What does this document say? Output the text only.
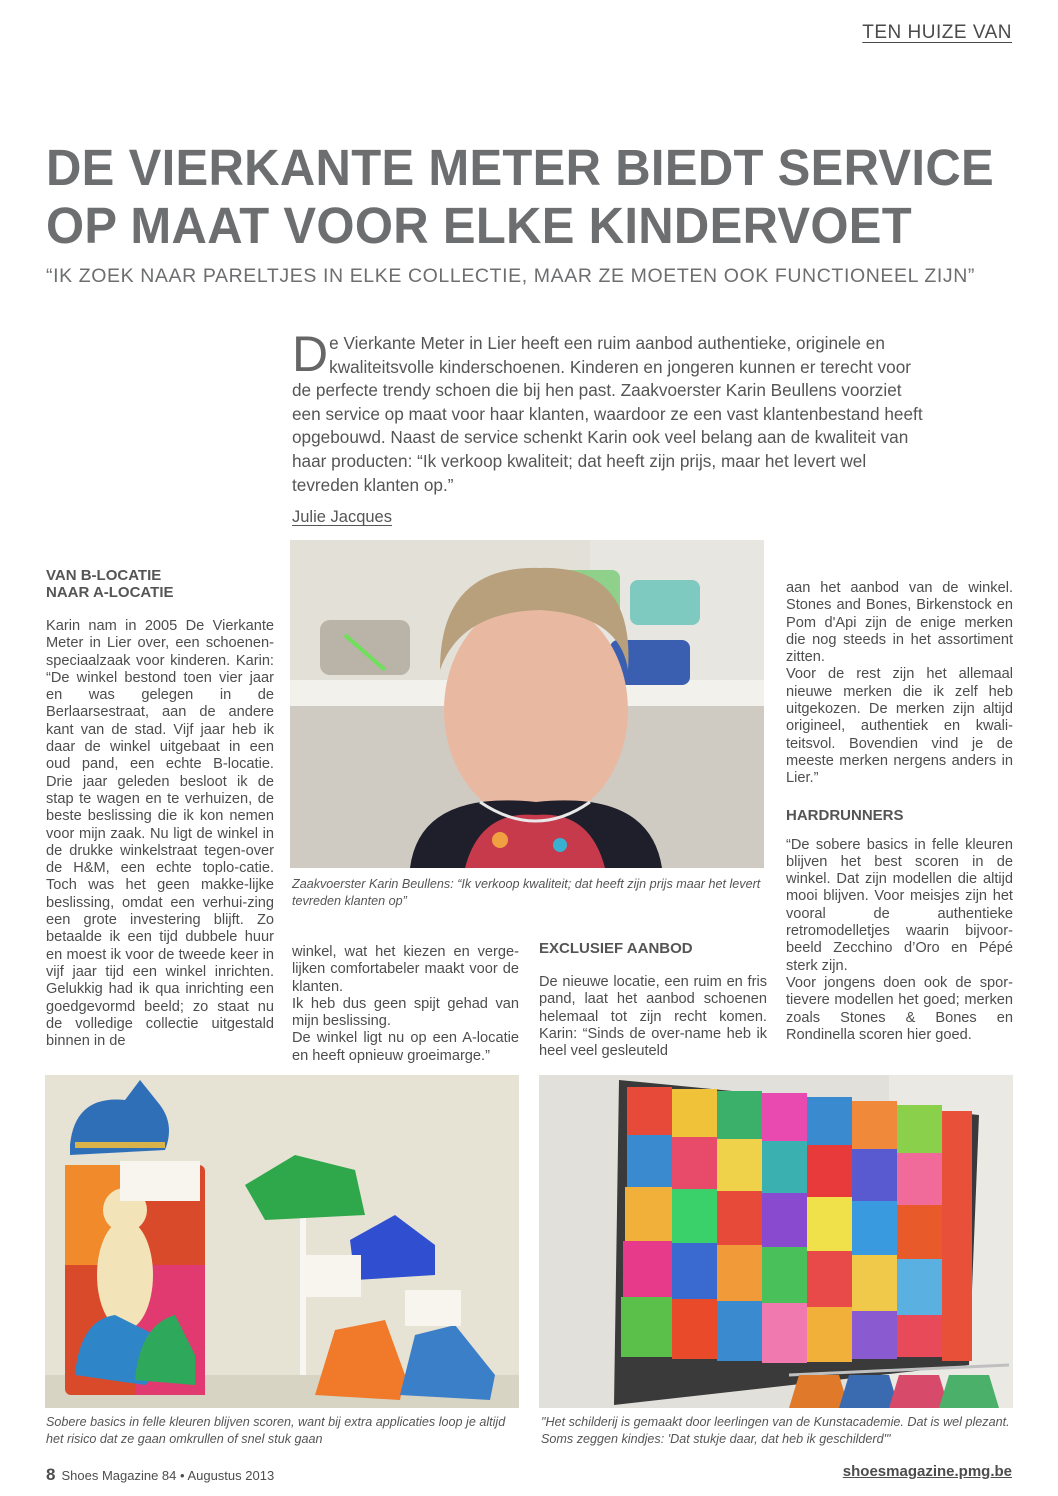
TEN HUIZE VAN
DE VIERKANTE METER BIEDT SERVICE
OP MAAT VOOR ELKE KINDERVOET

“IK ZOEK NAAR PARELTJES IN ELKE COLLECTIE, MAAR ZE MOETEN OOK FUNCTIONEEL ZIJN”

De Vierkante Meter in Lier heeft een ruim aanbod authentieke, originele en kwaliteitsvolle kinderschoenen. Kinderen en jongeren kunnen er terecht voor de perfecte trendy schoen die bij hen past. Zaakvoerster Karin Beullens voorziet een service op maat voor haar klanten, waardoor ze een vast klantenbestand heeft opgebouwd. Naast de service schenkt Karin ook veel belang aan de kwaliteit van haar producten: “Ik verkoop kwaliteit; dat heeft zijn prijs, maar het levert wel tevreden klanten op.”

Julie Jacques
Zaakvoerster Karin Beullens: “Ik verkoop kwaliteit; dat heeft zijn prijs maar het levert tevreden klanten op”

VAN B-LOCATIE
NAAR A-LOCATIE

Karin nam in 2005 De Vierkante Meter in Lier over, een schoenen-speciaalzaak voor kinderen. Karin: “De winkel bestond toen vier jaar en was gelegen in de Berlaarsestraat, aan de andere kant van de stad. Vijf jaar heb ik daar de winkel uitgebaat in een oud pand, een echte B-locatie. Drie jaar geleden besloot ik de stap te wagen en te verhuizen, de beste beslissing die ik kon nemen voor mijn zaak. Nu ligt de winkel in de drukke winkelstraat tegen-over de H&M, een echte toplo-catie. Toch was het geen makke-lijke beslissing, omdat een verhui-zing een grote investering blijft. Zo betaalde ik een tijd dubbele huur en moest ik voor de tweede keer in vijf jaar tijd een winkel inrichten. Gelukkig had ik qua inrichting een goedgevormd beeld; zo staat nu de volledige collectie uitgestald binnen in de

winkel, wat het kiezen en verge-lijken comfortabeler maakt voor de klanten.

Ik heb dus geen spijt gehad van mijn beslissing.

De winkel ligt nu op een A-locatie en heeft opnieuw groeimarge.”

EXCLUSIEF AANBOD

De nieuwe locatie, een ruim en fris pand, laat het aanbod schoenen helemaal tot zijn recht komen. Karin: “Sinds de over-name heb ik heel veel gesleuteld

aan het aanbod van de winkel. Stones and Bones, Birkenstock en Pom d'Api zijn de enige merken die nog steeds in het assortiment zitten.

Voor de rest zijn het allemaal nieuwe merken die ik zelf heb uitgekozen. De merken zijn altijd origineel, authentiek en kwali-teitsvol. Bovendien vind je de meeste merken nergens anders in Lier.”

HARDRUNNERS

“De sobere basics in felle kleuren blijven het best scoren in de winkel. Dat zijn modellen die altijd mooi blijven. Voor meisjes zijn het vooral de authentieke retromodelletjes waarin bijvoor-beeld Zecchino d’Oro en Pépé sterk zijn.

Voor jongens doen ook de spor-tievere modellen het goed; merken zoals Stones & Bones en Rondinella scoren hier goed.

Sobere basics in felle kleuren blijven scoren, want bij extra applicaties loop je altijd het risico dat ze gaan omkrullen of snel stuk gaan
"Het schilderij is gemaakt door leerlingen van de Kunstacademie. Dat is wel plezant. Soms zeggen kindjes: 'Dat stukje daar, dat heb ik geschilderd'"
8 Shoes Magazine 84 • Augustus 2013	shoesmagazine.pmg.be
